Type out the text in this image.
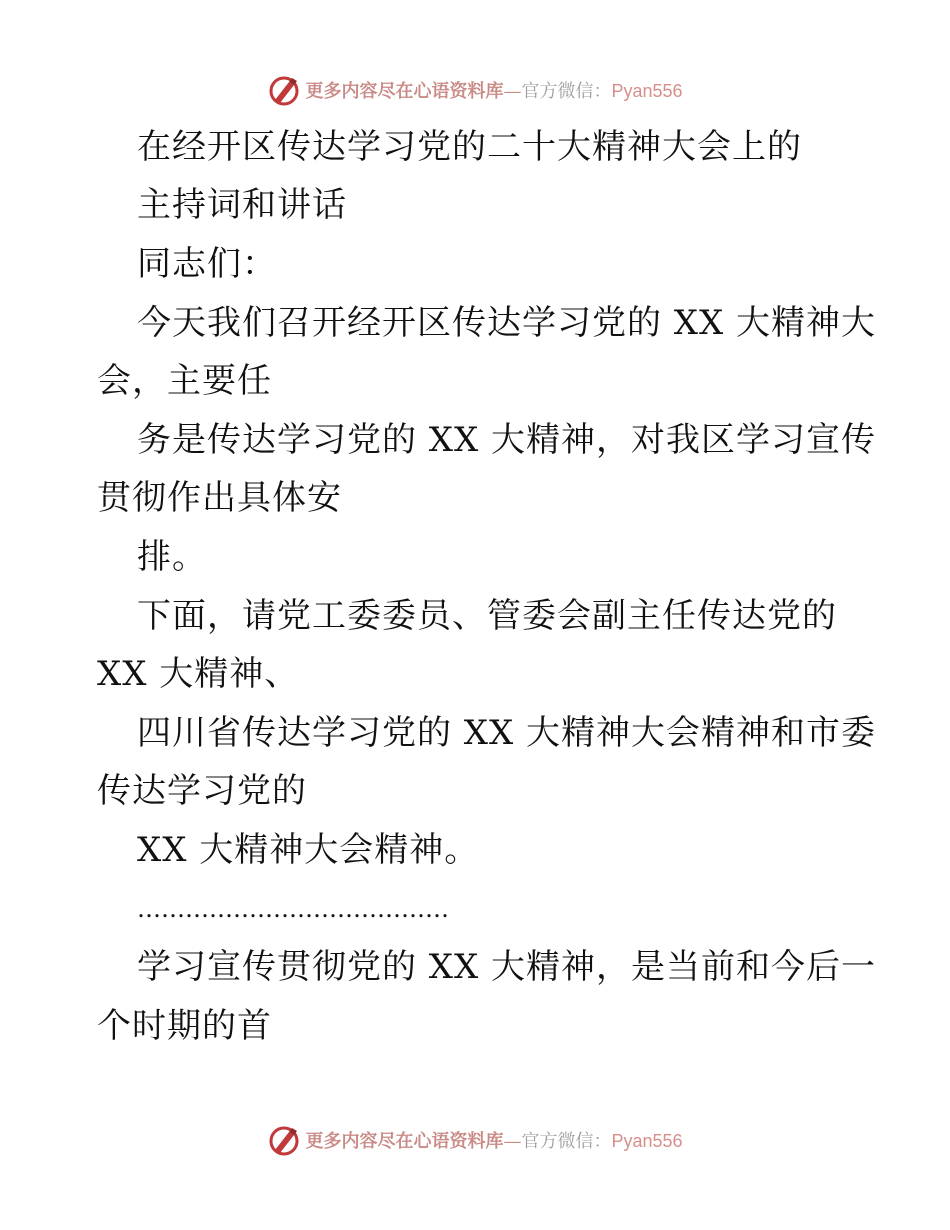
更多内容尽在心语资料库—官方微信：Pyan556

在经开区传达学习党的二十大精神大会上的

主持词和讲话

同志们：

今天我们召开经开区传达学习党的 XX 大精神大

会，主要任

务是传达学习党的 XX 大精神，对我区学习宣传

贯彻作出具体安

排。

下面，请党工委委员、管委会副主任传达党的

XX 大精神、

四川省传达学习党的 XX 大精神大会精神和市委

传达学习党的

XX 大精神大会精神。

…………………………………

学习宣传贯彻党的 XX 大精神，是当前和今后一

个时期的首

更多内容尽在心语资料库—官方微信：Pyan556
